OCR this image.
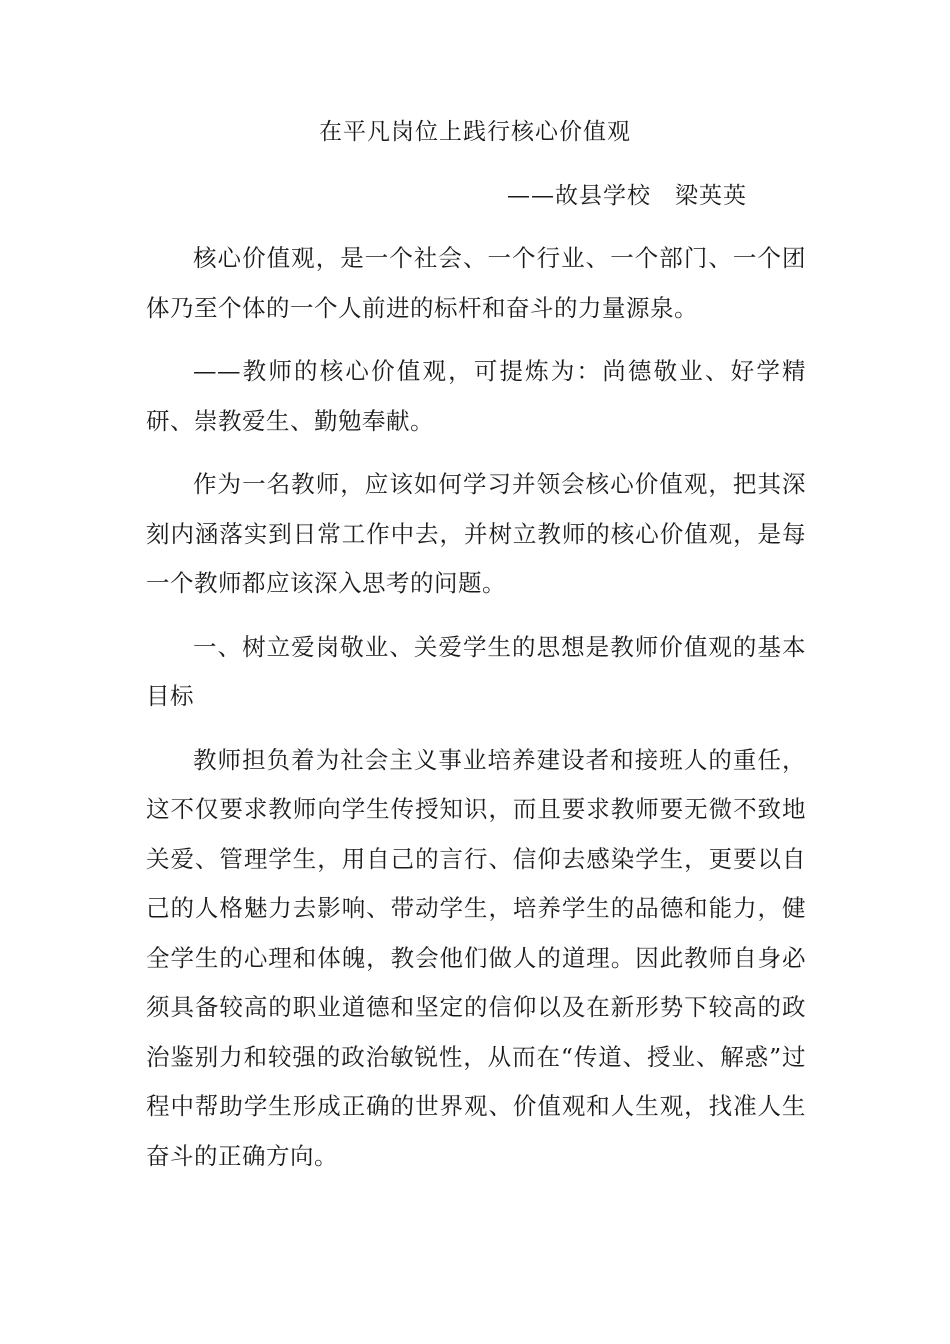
在平凡岗位上践行核心价值观

——故县学校　梁英英

核心价值观，是一个社会、一个行业、一个部门、一个团体乃至个体的一个人前进的标杆和奋斗的力量源泉。

——教师的核心价值观，可提炼为：尚德敬业、好学精研、崇教爱生、勤勉奉献。

作为一名教师，应该如何学习并领会核心价值观，把其深刻内涵落实到日常工作中去，并树立教师的核心价值观，是每一个教师都应该深入思考的问题。

一、树立爱岗敬业、关爱学生的思想是教师价值观的基本目标

教师担负着为社会主义事业培养建设者和接班人的重任，这不仅要求教师向学生传授知识，而且要求教师要无微不致地关爱、管理学生，用自己的言行、信仰去感染学生，更要以自己的人格魅力去影响、带动学生，培养学生的品德和能力，健全学生的心理和体魄，教会他们做人的道理。因此教师自身必须具备较高的职业道德和坚定的信仰以及在新形势下较高的政治鉴别力和较强的政治敏锐性，从而在“传道、授业、解惑”过程中帮助学生形成正确的世界观、价值观和人生观，找准人生奋斗的正确方向。
